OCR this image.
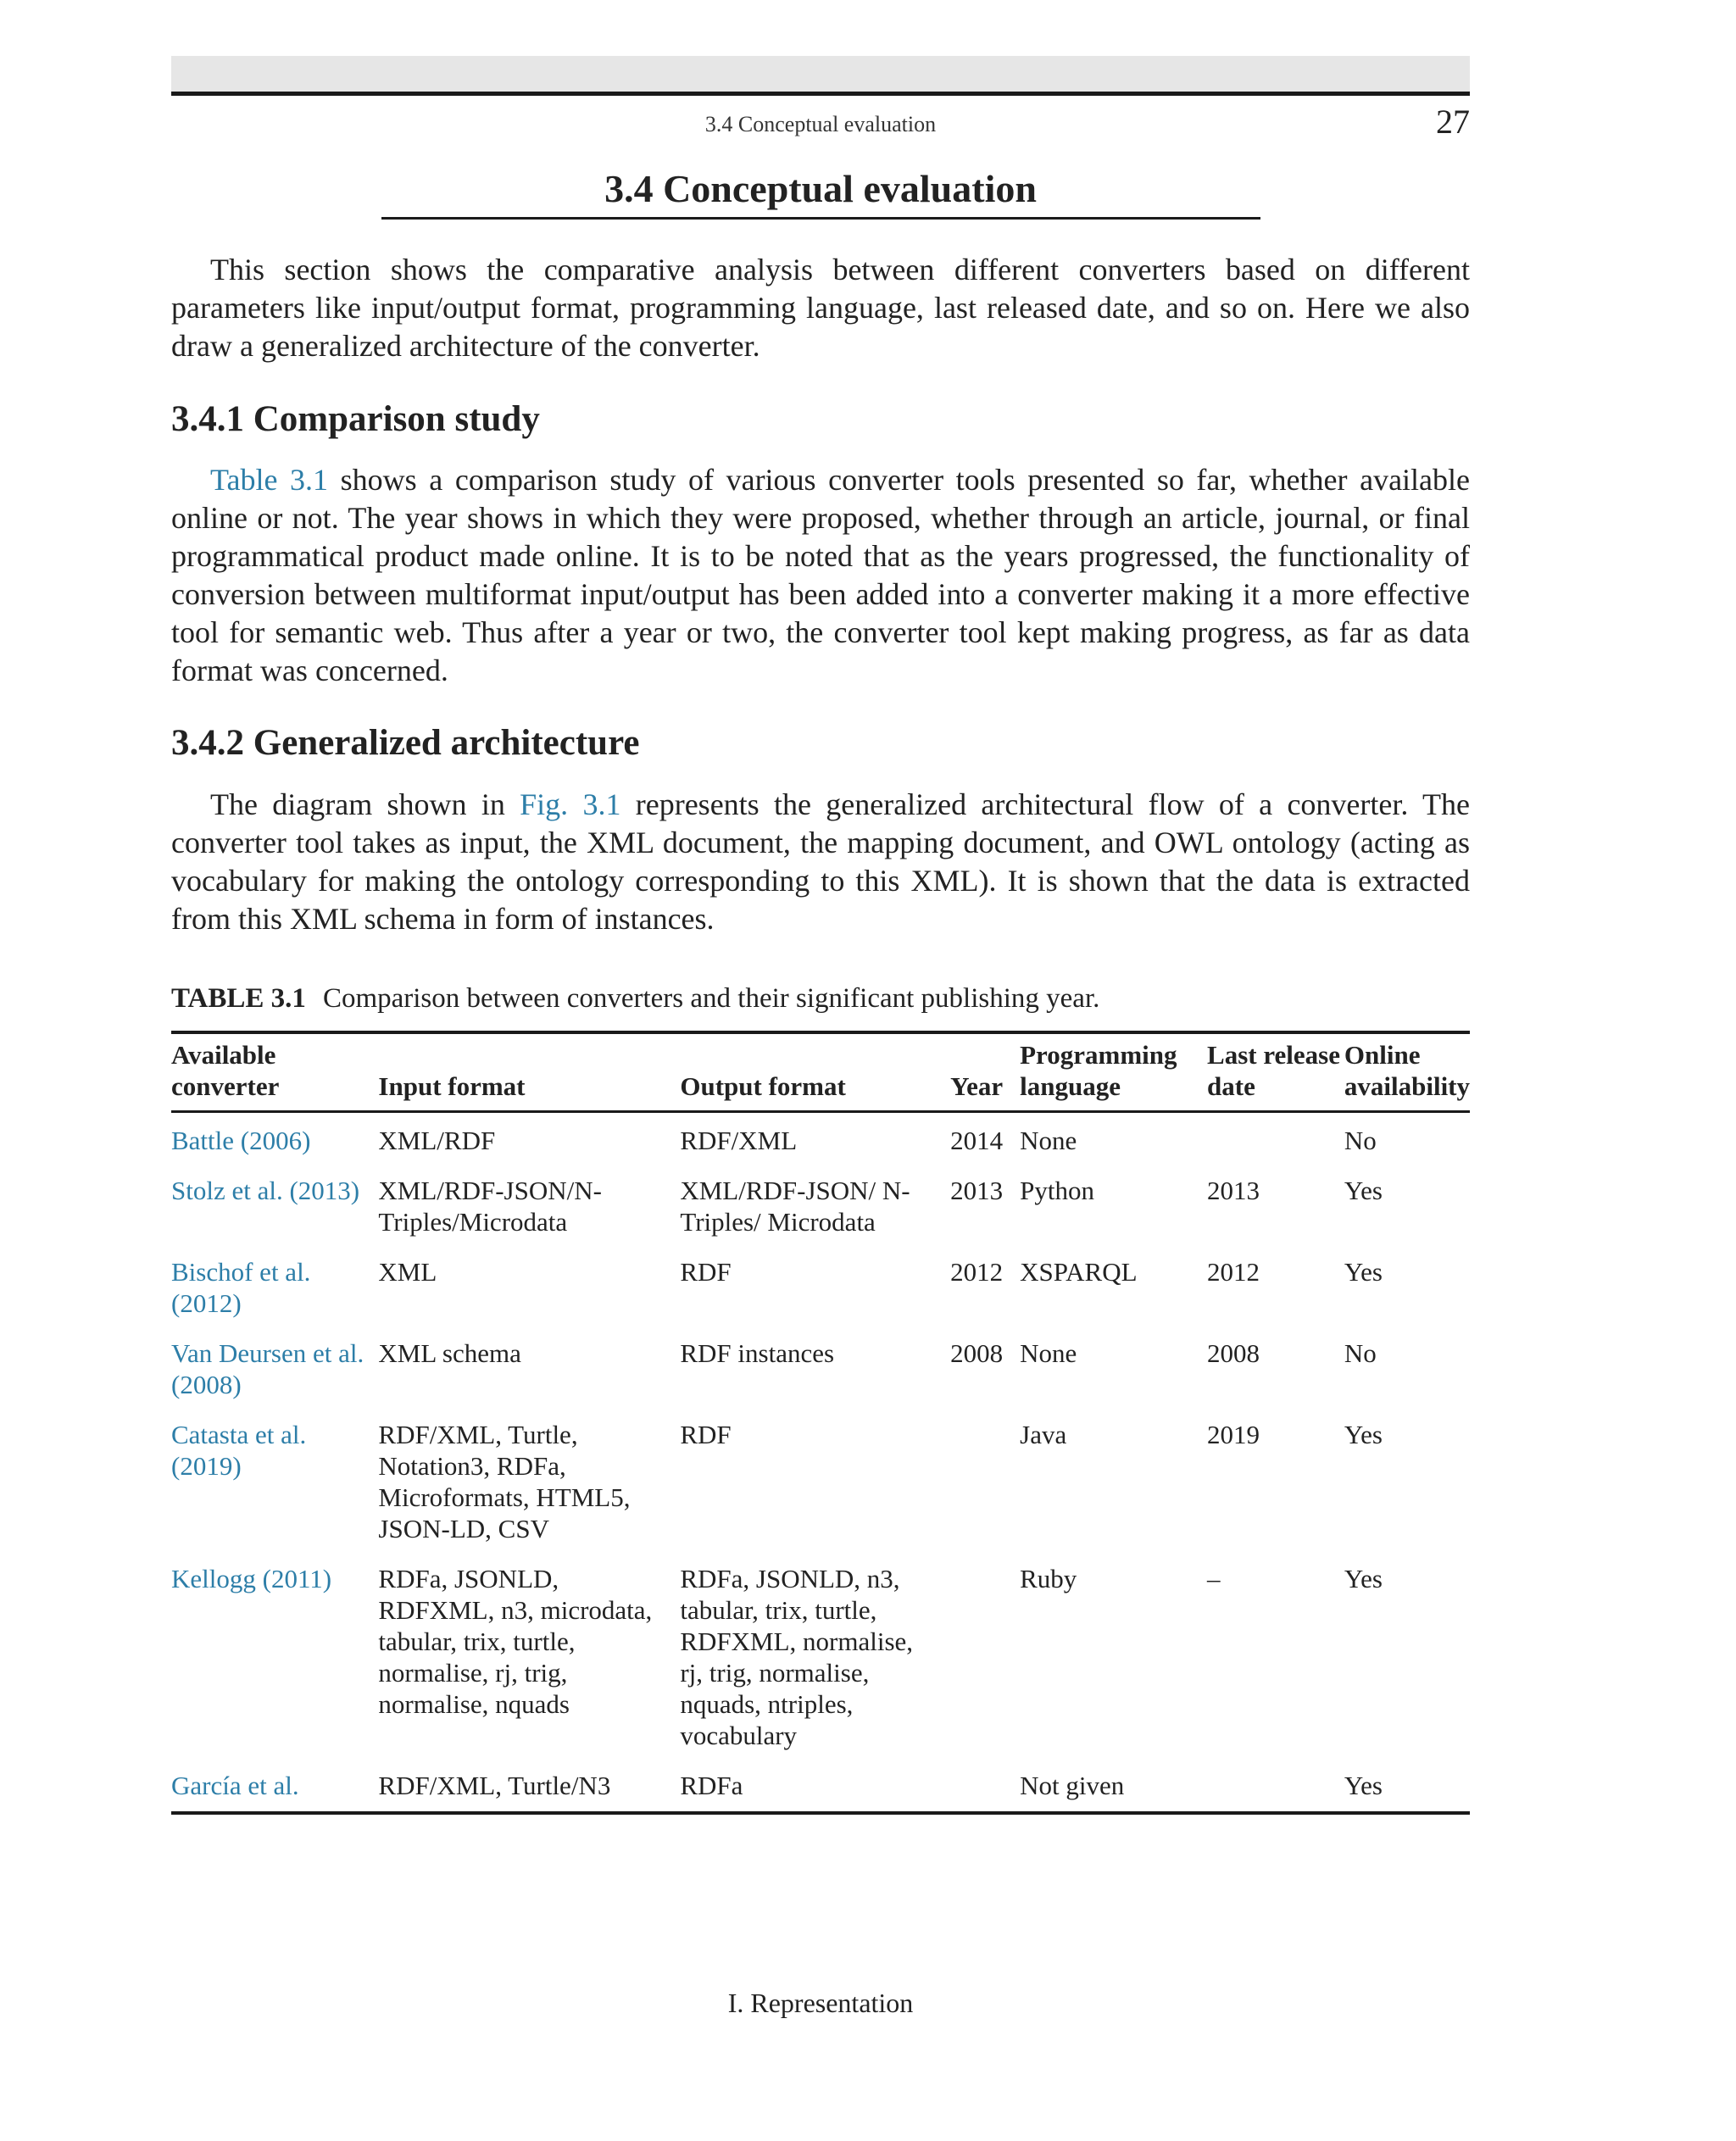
3.4 Conceptual evaluation	27
3.4 Conceptual evaluation

This section shows the comparative analysis between different converters based on different parameters like input/output format, programming language, last released date, and so on. Here we also draw a generalized architecture of the converter.

3.4.1 Comparison study

Table 3.1 shows a comparison study of various converter tools presented so far, whether available online or not. The year shows in which they were proposed, whether through an article, journal, or final programmatical product made online. It is to be noted that as the years progressed, the functionality of conversion between multiformat input/output has been added into a converter making it a more effective tool for semantic web. Thus after a year or two, the converter tool kept making progress, as far as data format was concerned.

3.4.2 Generalized architecture

The diagram shown in Fig. 3.1 represents the generalized architectural flow of a converter. The converter tool takes as input, the XML document, the mapping document, and OWL ontology (acting as vocabulary for making the ontology corresponding to this XML). It is shown that the data is extracted from this XML schema in form of instances.

TABLE 3.1 Comparison between converters and their significant publishing year.
Available converter	Input format	Output format	Year	Programming language	Last release date	Online availability
Battle (2006)	XML/RDF	RDF/XML	2014	None		No
Stolz et al. (2013)	XML/RDF-JSON/N-Triples/Microdata	XML/RDF-JSON/ N-Triples/ Microdata	2013	Python	2013	Yes
Bischof et al. (2012)	XML	RDF	2012	XSPARQL	2012	Yes
Van Deursen et al. (2008)	XML schema	RDF instances	2008	None	2008	No
Catasta et al. (2019)	RDF/XML, Turtle, Notation3, RDFa, Microformats, HTML5, JSON-LD, CSV	RDF		Java	2019	Yes
Kellogg (2011)	RDFa, JSONLD, RDFXML, n3, microdata, tabular, trix, turtle, normalise, rj, trig, normalise, nquads	RDFa, JSONLD, n3, tabular, trix, turtle, RDFXML, normalise, rj, trig, normalise, nquads, ntriples, vocabulary		Ruby	–	Yes
García et al.	RDF/XML, Turtle/N3	RDFa		Not given		Yes
I. Representation
